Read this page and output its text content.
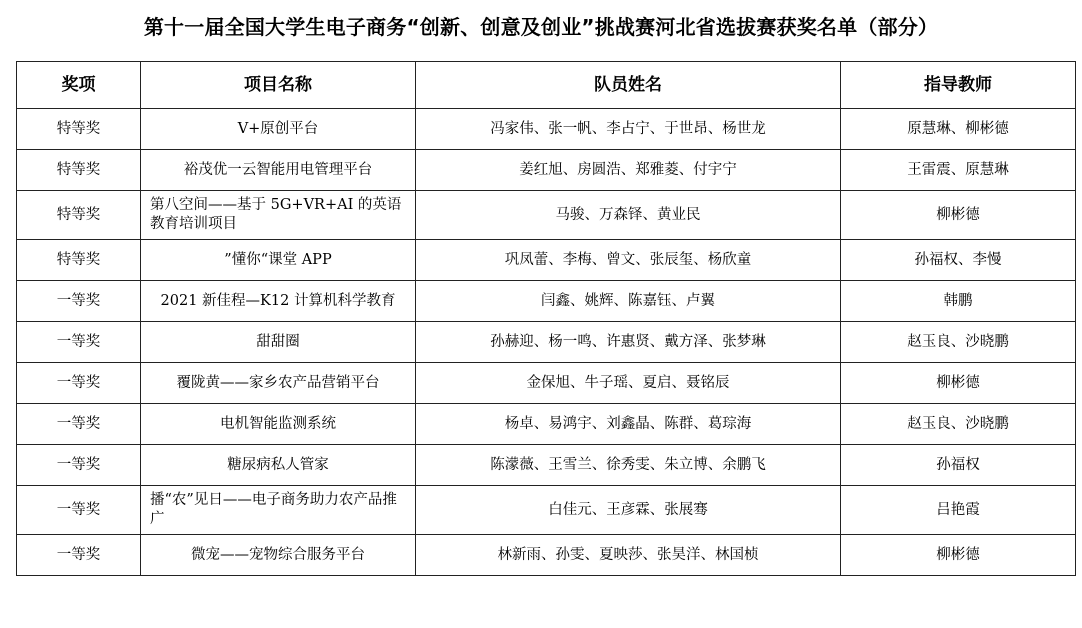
第十一届全国大学生电子商务“创新、创意及创业”挑战赛河北省选拔赛获奖名单（部分）
奖项	项目名称	队员姓名	指导教师
特等奖	V+原创平台	冯家伟、张一帆、李占宁、于世昂、杨世龙	原慧琳、柳彬德
特等奖	裕茂优一云智能用电管理平台	姜红旭、房圆浩、郑雅菱、付宇宁	王雷震、原慧琳
特等奖	第八空间——基于 5G+VR+AI 的英语教育培训项目	马骏、万森铎、黄业民	柳彬德
特等奖	”懂你“课堂 APP	巩凤蕾、李梅、曾文、张辰玺、杨欣童	孙福权、李慢
一等奖	2021 新佳程—K12 计算机科学教育	闫鑫、姚辉、陈嘉钰、卢翼	韩鹏
一等奖	甜甜圈	孙赫迎、杨一鸣、许惠贤、戴方泽、张梦琳	赵玉良、沙晓鹏
一等奖	覆陇黄——家乡农产品营销平台	金保旭、牛子瑶、夏启、聂铭辰	柳彬德
一等奖	电机智能监测系统	杨卓、易鸿宇、刘鑫晶、陈群、葛琮海	赵玉良、沙晓鹏
一等奖	糖尿病私人管家	陈濛薇、王雪兰、徐秀雯、朱立博、余鹏飞	孙福权
一等奖	播“农”见日——电子商务助力农产品推广	白佳元、王彦霖、张展骞	吕艳霞
一等奖	微宠——宠物综合服务平台	林新雨、孙雯、夏映莎、张昊洋、林国桢	柳彬德
